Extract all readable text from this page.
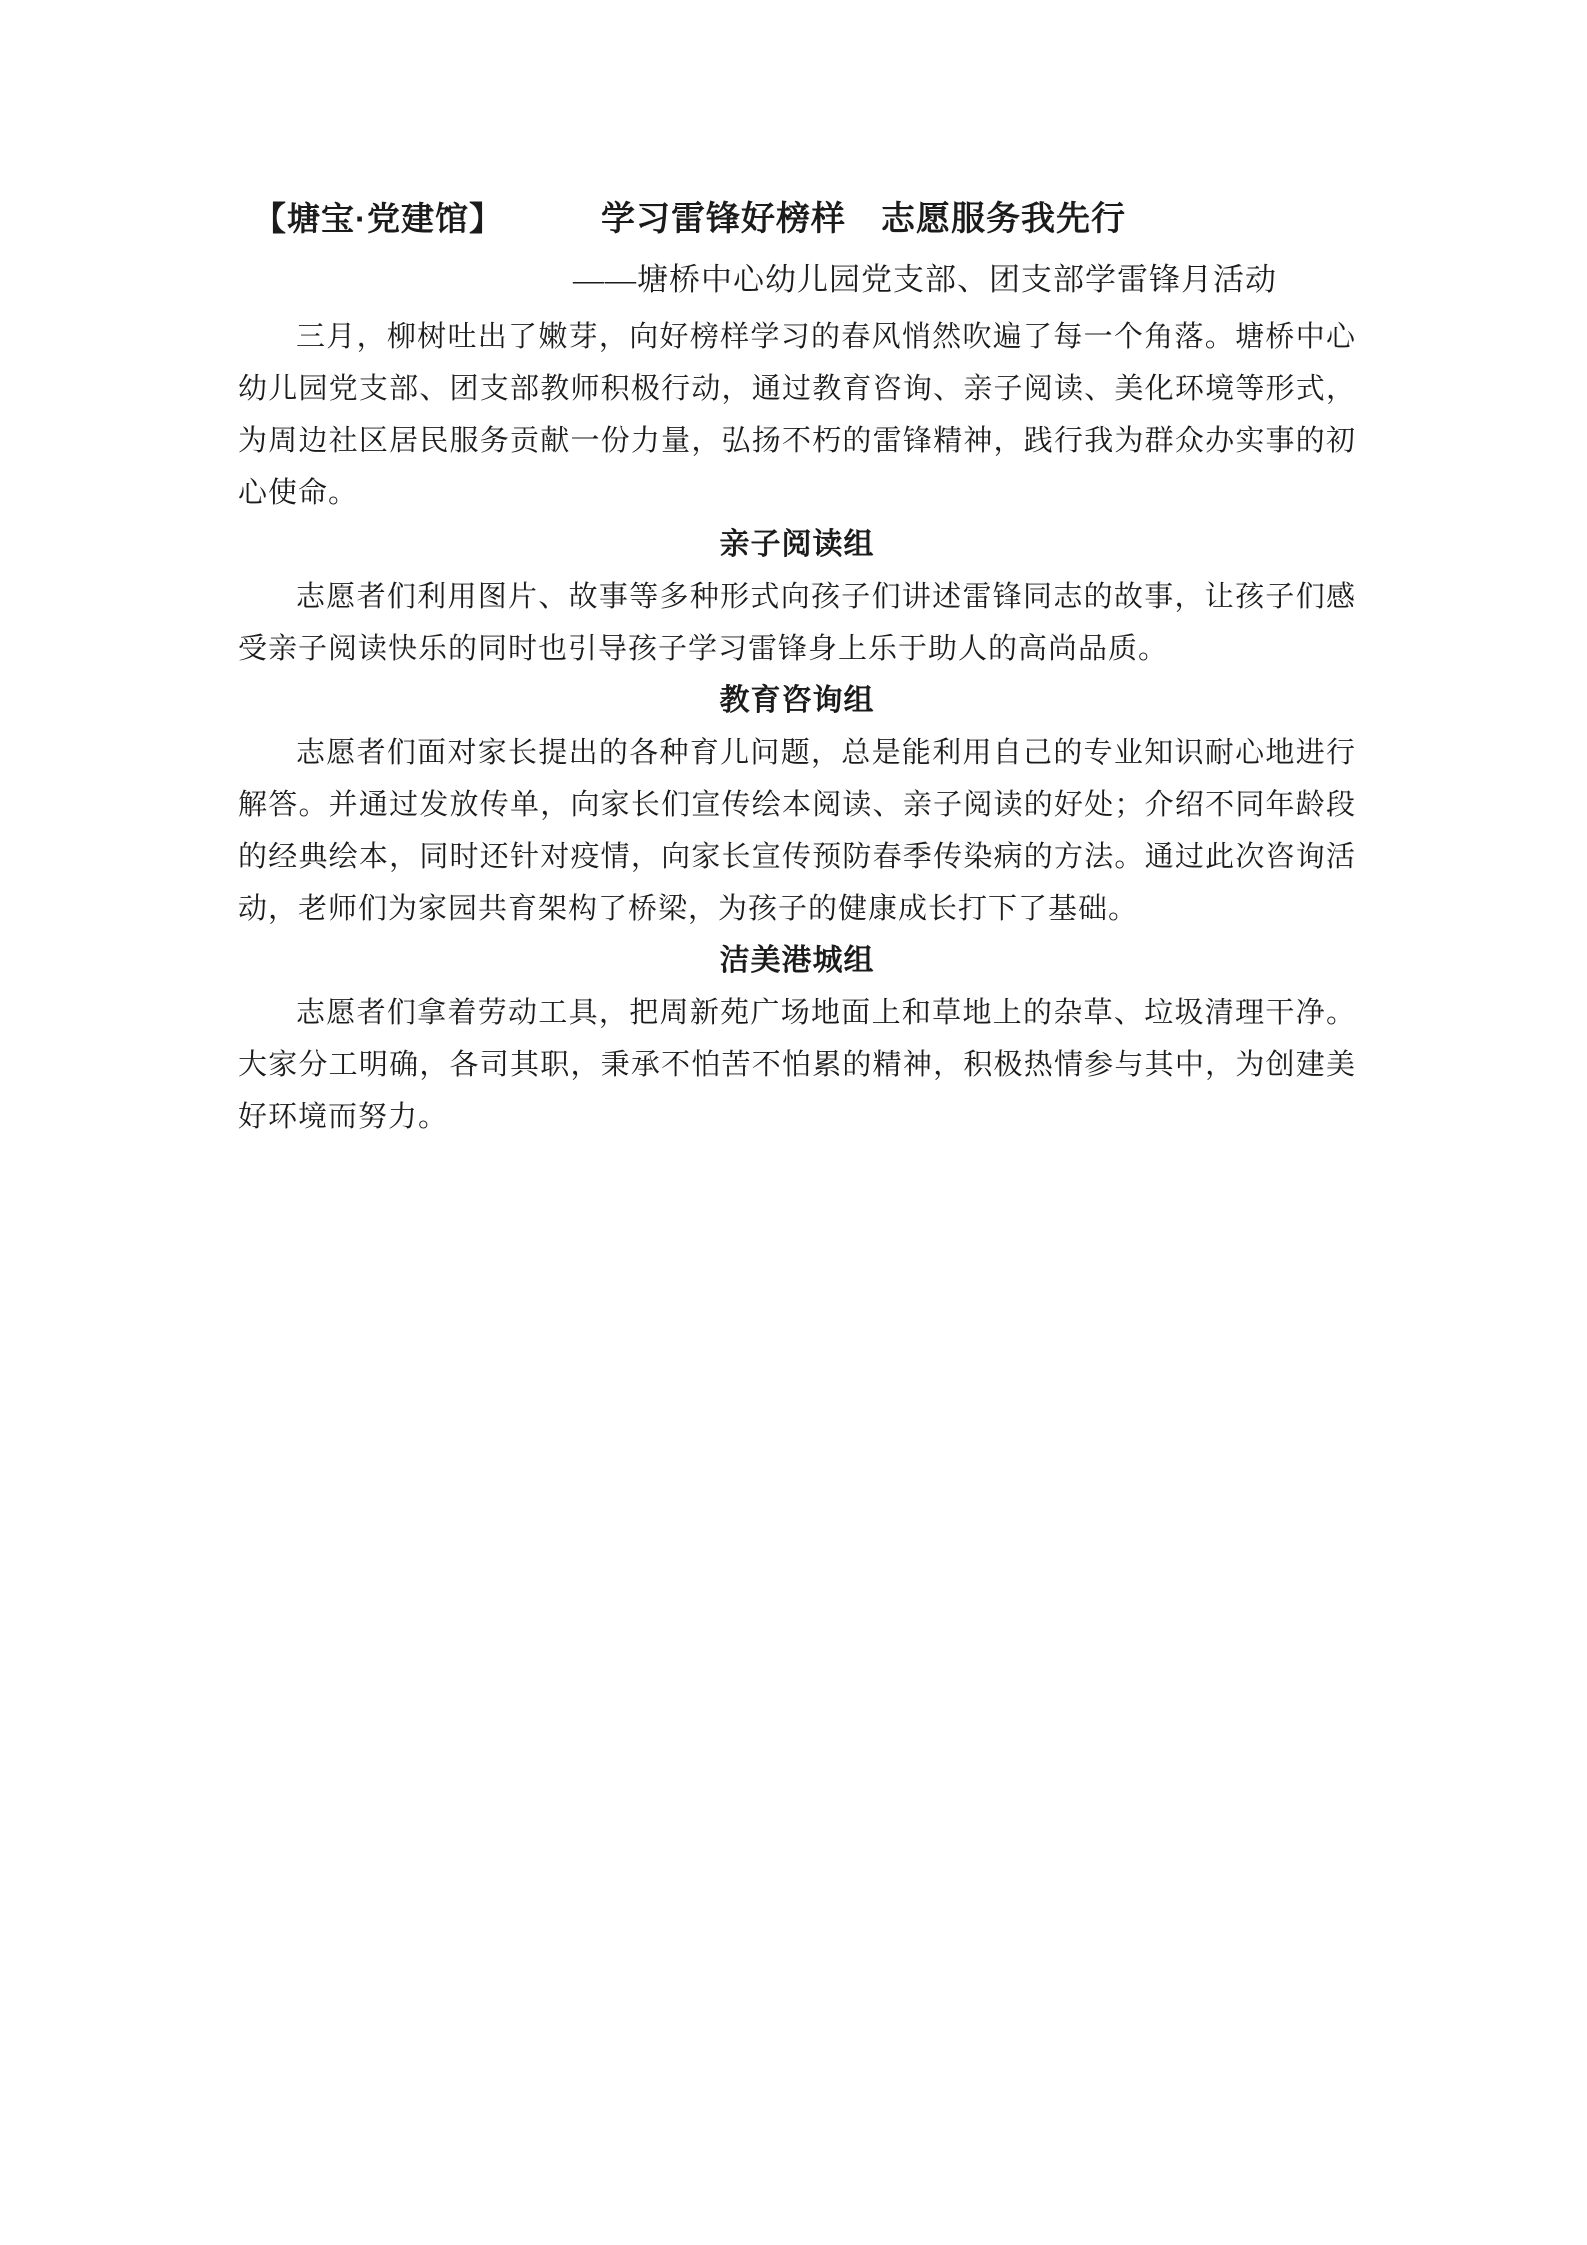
【塘宝·党建馆】	学习雷锋好榜样　志愿服务我先行
——塘桥中心幼儿园党支部、团支部学雷锋月活动

三月，柳树吐出了嫩芽，向好榜样学习的春风悄然吹遍了每一个角落。塘桥中心幼儿园党支部、团支部教师积极行动，通过教育咨询、亲子阅读、美化环境等形式，为周边社区居民服务贡献一份力量，弘扬不朽的雷锋精神，践行我为群众办实事的初心使命。

亲子阅读组

志愿者们利用图片、故事等多种形式向孩子们讲述雷锋同志的故事，让孩子们感受亲子阅读快乐的同时也引导孩子学习雷锋身上乐于助人的高尚品质。

教育咨询组

志愿者们面对家长提出的各种育儿问题，总是能利用自己的专业知识耐心地进行解答。并通过发放传单，向家长们宣传绘本阅读、亲子阅读的好处；介绍不同年龄段的经典绘本，同时还针对疫情，向家长宣传预防春季传染病的方法。通过此次咨询活动，老师们为家园共育架构了桥梁，为孩子的健康成长打下了基础。

洁美港城组

志愿者们拿着劳动工具，把周新苑广场地面上和草地上的杂草、垃圾清理干净。大家分工明确，各司其职，秉承不怕苦不怕累的精神，积极热情参与其中，为创建美好环境而努力。
